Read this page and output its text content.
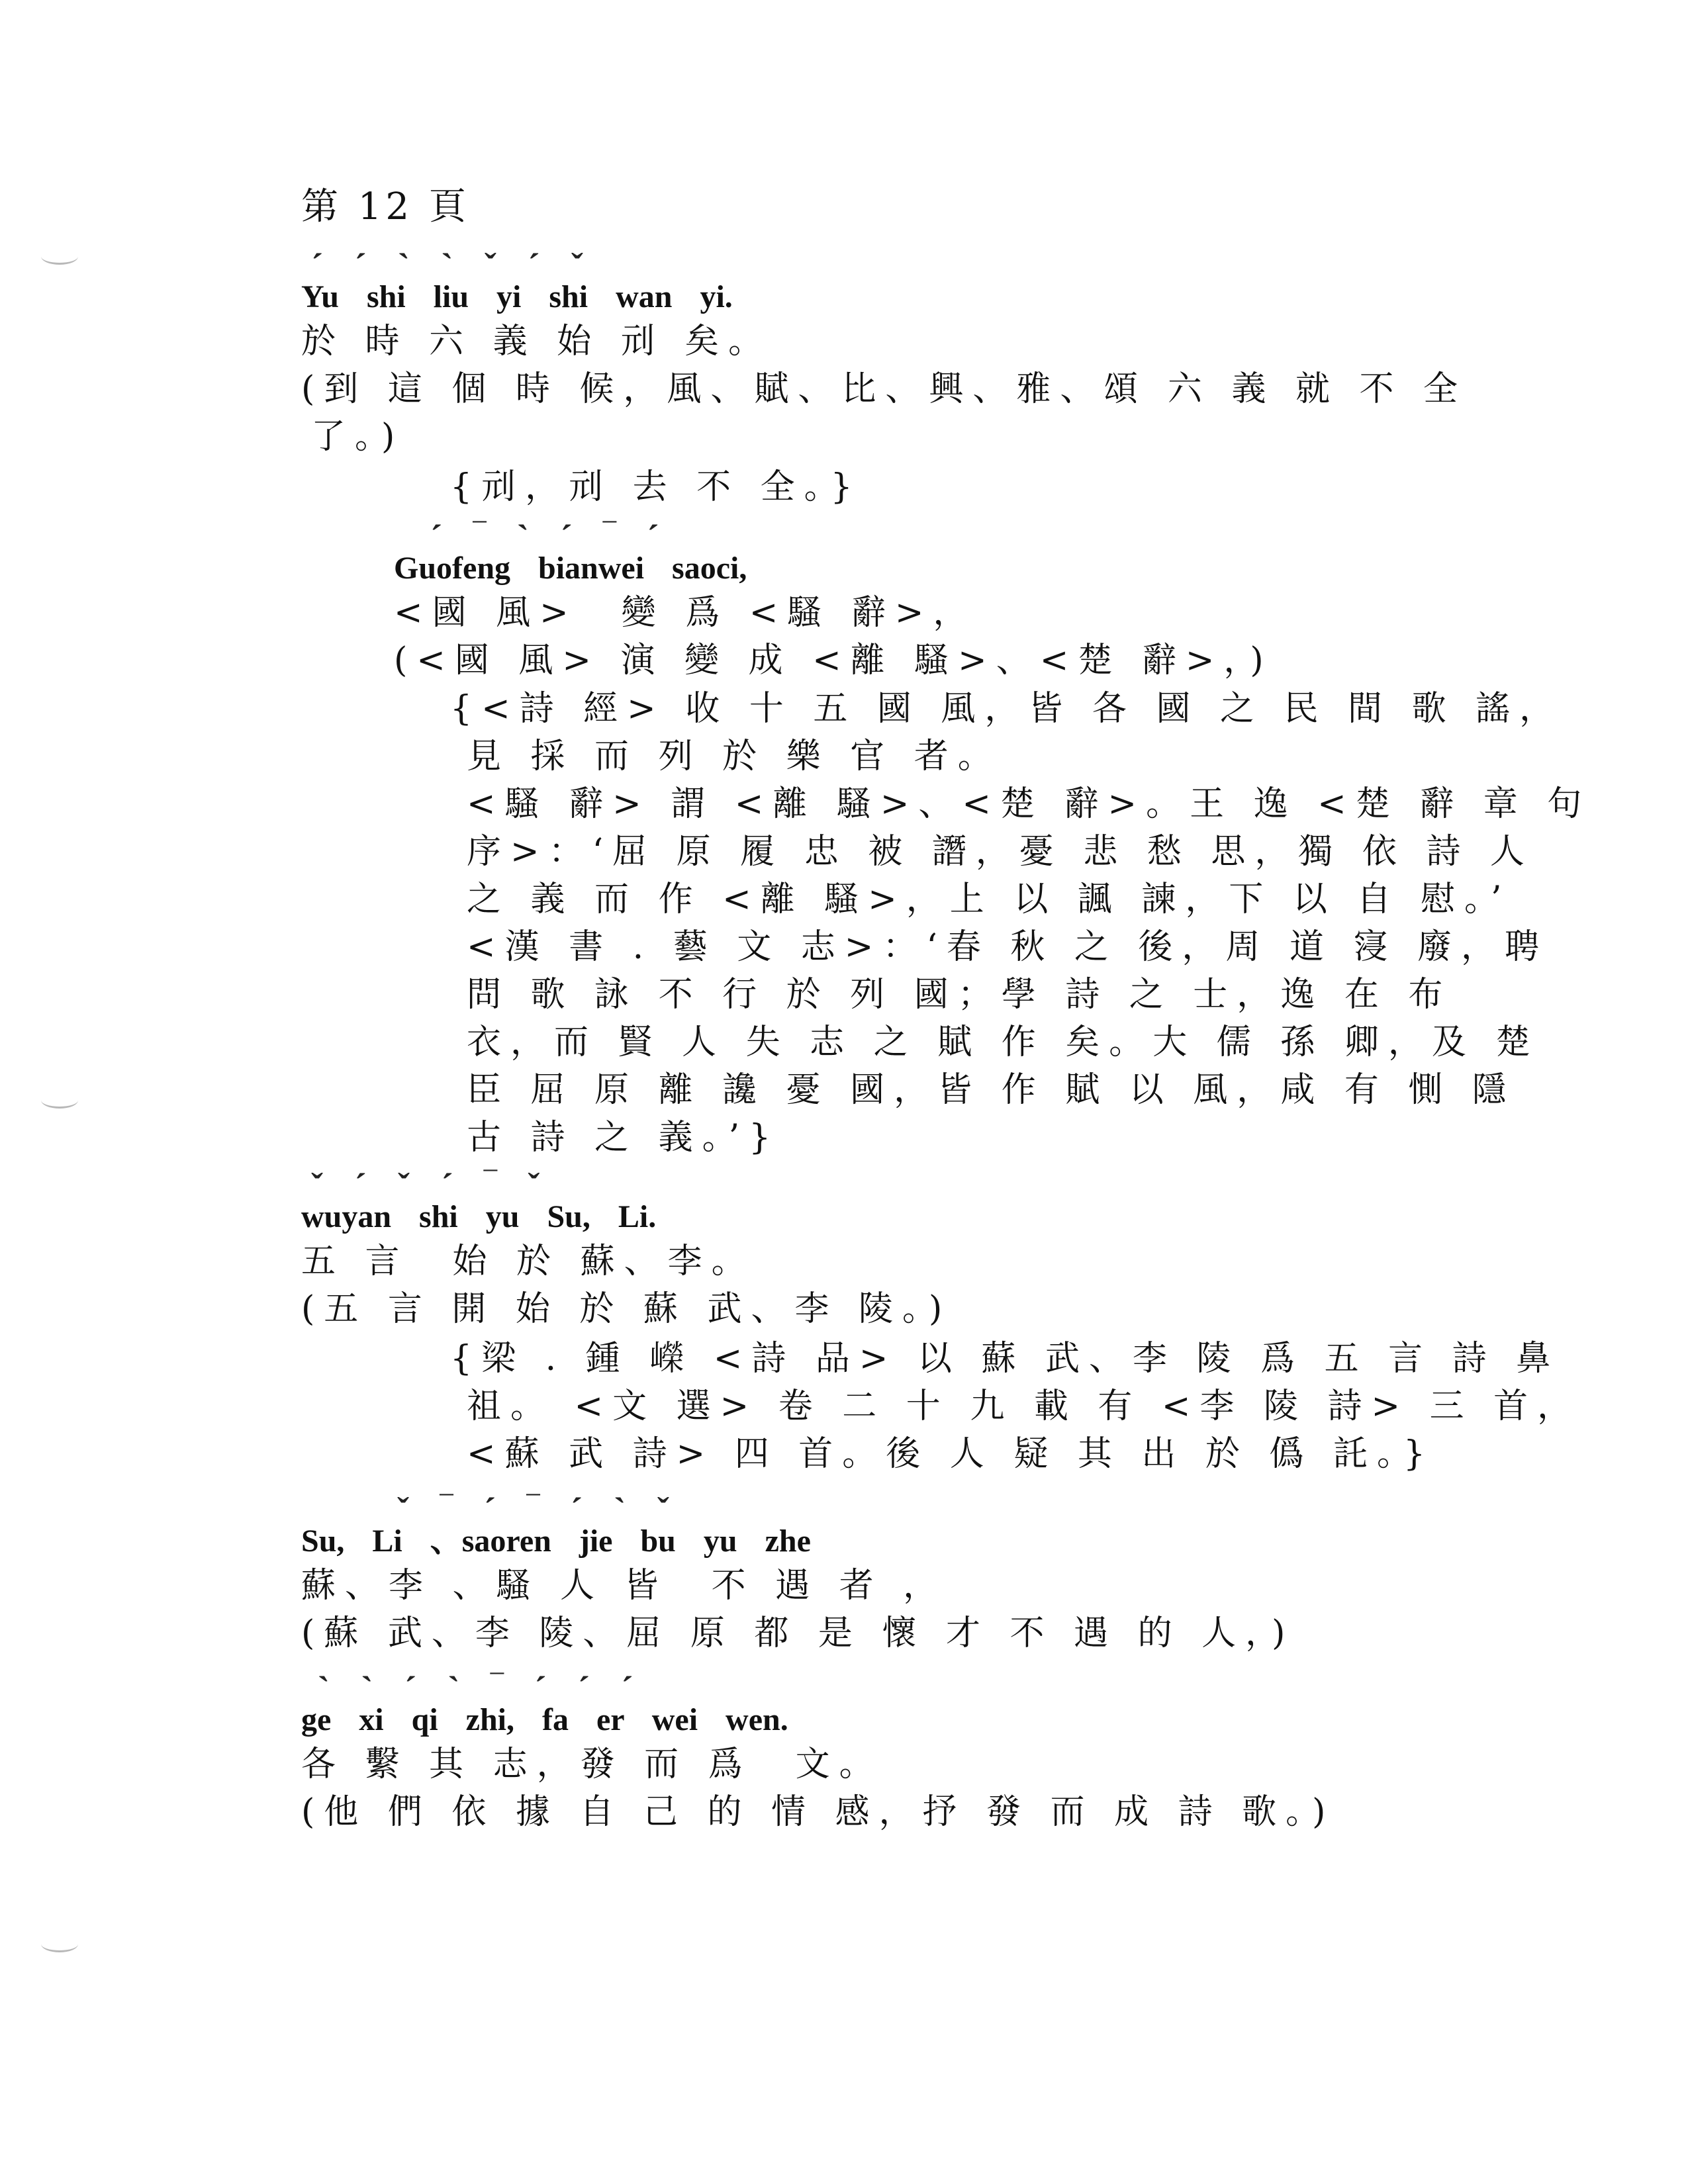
第 12 頁
ˊ ˊ ˋ ˋ ˇ ˊ ˇ
Yu shi liu yi shi wan yi.
於 時 六 義 始 刓 矣。
(到 這 個 時 候，風、賦、比、興、雅、頌 六 義 就 不 全
了。)
{刓，刓 去 不 全。}
ˊ ‾ ˋ ˊ ‾ ˊ
Guofeng bianwei saoci,
<國 風>　變 爲 <騷 辭>，
(<國 風> 演 變 成 <離 騷>、<楚 辭>，)
{<詩 經> 收 十 五 國 風，皆 各 國 之 民 間 歌 謠，
見 採 而 列 於 樂 官 者。
<騷 辭> 謂 <離 騷>、<楚 辭>。王 逸 <楚 辭 章 句
序>：‘屈 原 履 忠 被 譖，憂 悲 愁 思，獨 依 詩 人
之 義 而 作 <離 騷>，上 以 諷 諫，下 以 自 慰。’
<漢 書 . 藝 文 志>：‘春 秋 之 後，周 道 寖 廢，聘
問 歌 詠 不 行 於 列 國；學 詩 之 士，逸 在 布
衣，而 賢 人 失 志 之 賦 作 矣。大 儒 孫 卿，及 楚
臣 屈 原 離 讒 憂 國，皆 作 賦 以 風，咸 有 惻 隱
古 詩 之 義。’}
ˇ ˊ ˇ ˊ ‾ ˇ
wuyan shi yu Su, Li.
五 言　始 於 蘇、李。
(五 言 開 始 於 蘇 武、李 陵。)
{梁 . 鍾 嶸 <詩 品> 以 蘇 武、李 陵 爲 五 言 詩 鼻
祖。 <文 選> 卷 二 十 九 載 有 <李 陵 詩> 三 首，
<蘇 武 詩> 四 首。後 人 疑 其 出 於 僞 託。}
ˇ ‾ ˊ ‾ ˊ ˋ ˇ
Su, Li 、saoren jie bu yu zhe
蘇、李 、騷 人 皆　不 遇 者 ，
(蘇 武、李 陵、屈 原 都 是 懷 才 不 遇 的 人，)
ˋ ˋ ˊ ˋ ‾ ˊ ˊ ˊ
ge xi qi zhi, fa er wei wen.
各 繫 其 志，發 而 爲　文。
(他 們 依 據 自 己 的 情 感，抒 發 而 成 詩 歌。)
